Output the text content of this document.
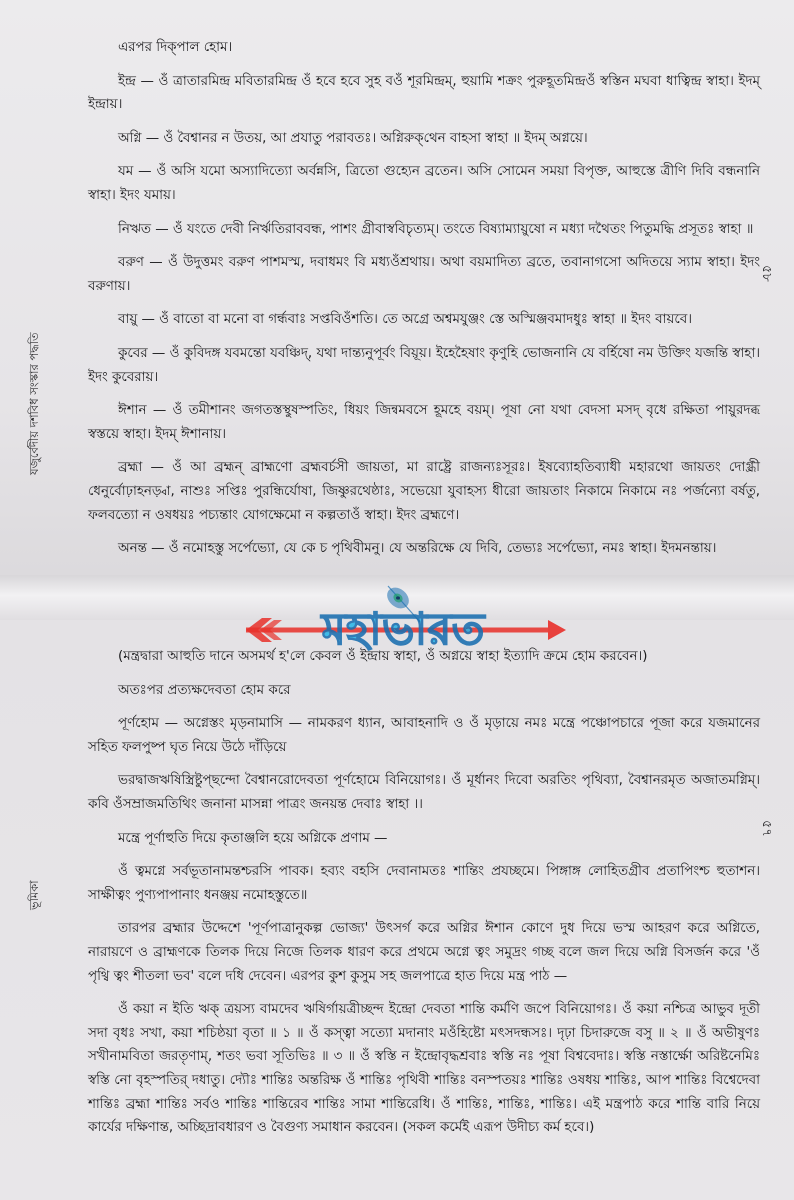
যজুর্বেদীয় দশবিধ সংস্কার পদ্ধতি
ভূমিকা
৫৮
৫৭

এরপর দিক্‌পাল হোম।

ইন্দ্র — ওঁ ত্রাতারমিন্দ্র মবিতারমিন্দ্র ওঁ হবে হবে সুহ বওঁ শূরমিন্দ্রম্‌, হুয়ামি শক্রং পুরুহূতমিন্দ্রওঁ স্বস্তিন মঘবা ধাত্বিন্দ্র স্বাহা। ইদম্‌ ইন্দ্রায়।

অগ্নি — ওঁ বৈশ্বানর ন উতয়, আ প্রযাতু পরাবতঃ। অগ্নিরুক্‌থেন বাহসা স্বাহা ॥ ইদম্‌ অগ্নয়ে।

যম — ওঁ অসি যমো অস্যাদিত্যো অর্বন্নসি, ত্রিতো গুহ্যেন ব্রতেন। অসি সোমেন সময়া বিপৃক্ত, আহুস্তে ত্রীণি দিবি বন্ধনানি স্বাহা। ইদং যমায়।

নিঋত — ওঁ যংতে দেবী নির্ঋতিরাববন্ধ, পাশং গ্রীবাস্ববিচৃত্যম্‌। তংতে বিষ্যাম্যায়ুষো ন মধ্যা দথৈতং পিতুমদ্ধি প্রসূতঃ স্বাহা ॥

বরুণ — ওঁ উদুত্তমং বরুণ পাশমস্ম, দবাধমং বি মধ্যওঁশ্রথায়। অথা বয়মাদিত্য ব্রতে, তবানাগসো অদিতয়ে স্যাম স্বাহা। ইদং বরুণায়।

বায়ু — ওঁ বাতো বা মনো বা গর্ন্ধবাঃ সপ্তবিওঁশতি। তে অগ্রে অশ্বমযুঞ্জং স্তে অস্মিঞ্জবমাদধুঃ স্বাহা ॥ ইদং বায়বে।

কুবের — ওঁ কুবিদঙ্গ যবমন্তো যবঞ্চিদ্‌, যথা দান্ত্যনুপূর্বং বিয়ূয়। ইহেহৈষাং কৃণুহি ভোজনানি যে বর্হিষো নম উক্তিং যজন্তি স্বাহা। ইদং কুবেরায়।

ঈশান — ওঁ তমীশানং জগতস্তস্থুষস্পতিং, ধিয়ং জিন্বমবসে হূমহে বয়ম্‌। পূষা নো যথা বেদসা মসদ্‌ বৃধে রক্ষিতা পায়ুরদব্ধ স্বস্তয়ে স্বাহা। ইদম্‌ ঈশানায়।

ব্রহ্মা — ওঁ আ ব্রহ্মন্‌ ব্রাহ্মণো ব্রহ্মবর্চসী জায়তা, মা রাষ্ট্রে রাজন্যঃসূরঃ। ইষব্যোহতিব্যাধী মহারথো জায়তং দোগ্ধ্রী ধেনুর্বোঢ়াহনড়্বা, নাশুঃ সপ্তিঃ পুরন্ধির্যোষা, জিষ্ণুরথেষ্ঠাঃ, সভেয়ো যুবাহস্য ধীরো জায়তাং নিকামে নিকামে নঃ পর্জন্যো বর্ষতু, ফলবত্যো ন ওষধয়ঃ পচ্যন্তাং যোগক্ষেমো ন কল্পতাওঁ স্বাহা। ইদং ব্রহ্মণে।

অনন্ত — ওঁ নমোহস্তু সর্পেভ্যো, যে কে চ পৃথিবীমনু। যে অন্তরিক্ষে যে দিবি, তেভ্যঃ সর্পেভ্যো, নমঃ স্বাহা। ইদমনন্তায়।

(মন্ত্রদ্বারা আহুতি দানে অসমর্থ হ'লে কেবল ওঁ ইন্দ্রায় স্বাহা, ওঁ অগ্নয়ে স্বাহা ইত্যাদি ক্রমে হোম করবেন।)

অতঃপর প্রত্যক্ষদেবতা হোম করে

পূর্ণহোম — অগ্নেস্তং মৃড়নামাসি — নামকরণ ধ্যান, আবাহনাদি ও ওঁ মৃড়ায়ে নমঃ মন্ত্রে পঞ্চোপচারে পূজা করে যজমানের সহিত ফলপুষ্প ঘৃত নিয়ে উঠে দাঁড়িয়ে

ভরদ্বাজঋষিস্ত্রিষ্টুপ্‌ছন্দো বৈশ্বানরোদেবতা পূর্ণহোমে বিনিয়োগঃ। ওঁ মূর্ধানং দিবো অরতিং পৃথিব্যা, বৈশ্বানরমৃত অজাতমগ্নিম্‌। কবি ওঁসম্রাজমতিথিং জনানা মাসন্না পাত্রং জনয়ন্ত দেবাঃ স্বাহা ।।

মন্ত্রে পূর্ণাহুতি দিয়ে কৃতাঞ্জলি হয়ে অগ্নিকে প্রণাম —

ওঁ ত্বমগ্নে সর্বভূতানামন্তশ্চরসি পাবক। হব্যং বহসি দেবানামতঃ শান্তিং প্রযচ্ছমে। পিঙ্গাঙ্গ লোহিতগ্রীব প্রতাপিংশ্চ হুতাশন। সাক্ষীত্বং পুণ্যপাপানাং ধনঞ্জয় নমোহস্তুতে॥

তারপর ব্রহ্মার উদ্দেশে 'পূর্ণপাত্রানুকল্প ভোজ্য' উৎসর্গ করে অগ্নির ঈশান কোণে দুধ দিয়ে ভস্ম আহরণ করে অগ্নিতে, নারায়ণে ও ব্রাহ্মণকে তিলক দিয়ে নিজে তিলক ধারণ করে প্রথমে অগ্নে ত্বং সমুদ্রং গচ্ছ বলে জল দিয়ে অগ্নি বিসর্জন করে 'ওঁ পৃথ্বি ত্বং শীতলা ভব' বলে দধি দেবেন। এরপর কুশ কুসুম সহ জলপাত্রে হাত দিয়ে মন্ত্র পাঠ —

ওঁ কয়া ন ইতি ঋক্‌ ত্রয়স্য বামদেব ঋষির্গায়ত্রীচ্ছন্দ ইন্দ্রো দেবতা শান্তি কর্মণি জপে বিনিয়োগঃ। ওঁ কয়া নশ্চিত্র আভুব দূতী সদা বৃধঃ সখা, কয়া শচিষ্ঠয়া বৃতা ॥ ১ ॥ ওঁ কস্ত্বা সত্যো মদানাং মওঁহিষ্টো মৎসদন্ধসঃ। দৃঢ়া চিদারুজে বসু ॥ ২ ॥ ওঁ অভীষুণঃ সখীনামবিতা জরতৃণাম্‌, শতং ভবা সূতিভিঃ ॥ ৩ ॥ ওঁ স্বস্তি ন ইন্দ্রোবৃদ্ধশ্রবাঃ স্বস্তি নঃ পূষা বিশ্ববেদাঃ। স্বস্তি নস্তার্ক্ষো অরিষ্টনেমিঃ স্বস্তি নো বৃহস্পতির্‌ দধাতু। দ্যৌঃ শান্তিঃ অন্তরিক্ষ ওঁ শান্তিঃ পৃথিবী শান্তিঃ বনস্পতয়ঃ শান্তিঃ ওষধয় শান্তিঃ, আপ শান্তিঃ বিশ্বেদেবা শান্তিঃ ব্রহ্মা শান্তিঃ সর্বও শান্তিঃ শান্তিরেব শান্তিঃ সামা শান্তিরেধি। ওঁ শান্তিঃ, শান্তিঃ, শান্তিঃ। এই মন্ত্রপাঠ করে শান্তি বারি নিয়ে কার্যের দক্ষিণান্ত, অচ্ছিদ্রাবধারণ ও বৈগুণ্য সমাধান করবেন। (সকল কর্মেই এরূপ উদীচ্য কর্ম হবে।)

মহাভারত
